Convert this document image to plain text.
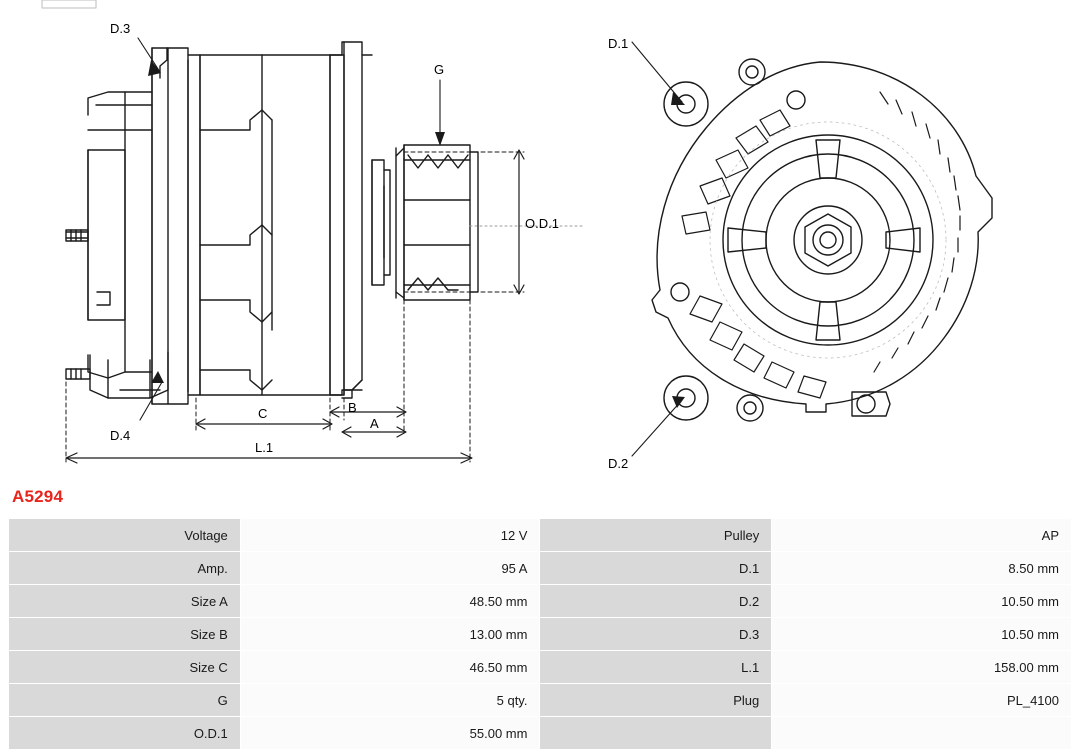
D.3
G
O.D.1
D.4
C	B
A
L.1
D.1
D.2
A5294
Voltage	12 V	Pulley	AP
Amp.	95 A	D.1	8.50 mm
Size A	48.50 mm	D.2	10.50 mm
Size B	13.00 mm	D.3	10.50 mm
Size C	46.50 mm	L.1	158.00 mm
G	5 qty.	Plug	PL_4100
O.D.1	55.00 mm		
